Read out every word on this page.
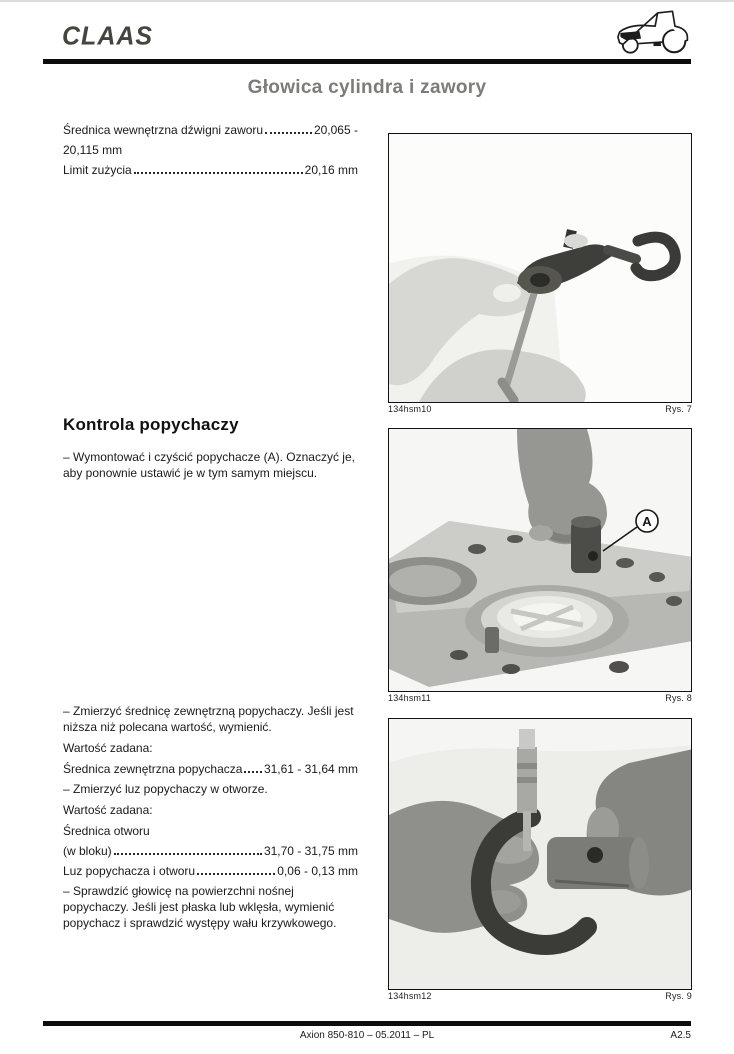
CLAAS
Głowica cylindra i zawory
Średnica wewnętrzna dźwigni zaworu	20,065 -
20,115 mm
Limit zużycia	20,16 mm
Kontrola popychaczy
– Wymontować i czyścić popychacze (A). Oznaczyć je, aby ponownie ustawić je w tym samym miejscu.

– Zmierzyć średnicę zewnętrzną popychaczy. Jeśli jest niższa niż polecana wartość, wymienić.

Wartość zadana:

Średnica zewnętrzna popychacza 31,61 - 31,64 mm

– Zmierzyć luz popychaczy w otworze.

Wartość zadana:

Średnica otworu
(w bloku)	31,70 - 31,75 mm
Luz popychacza i otworu	0,06 - 0,13 mm

– Sprawdzić głowicę na powierzchni nośnej popychaczy. Jeśli jest płaska lub wklęsła, wymienić popychacz i sprawdzić występy wału krzywkowego.

134hsm10	Rys. 7
A
134hsm11	Rys. 8
134hsm12	Rys. 9
Axion 850-810 – 05.2011 – PL	A2.5
